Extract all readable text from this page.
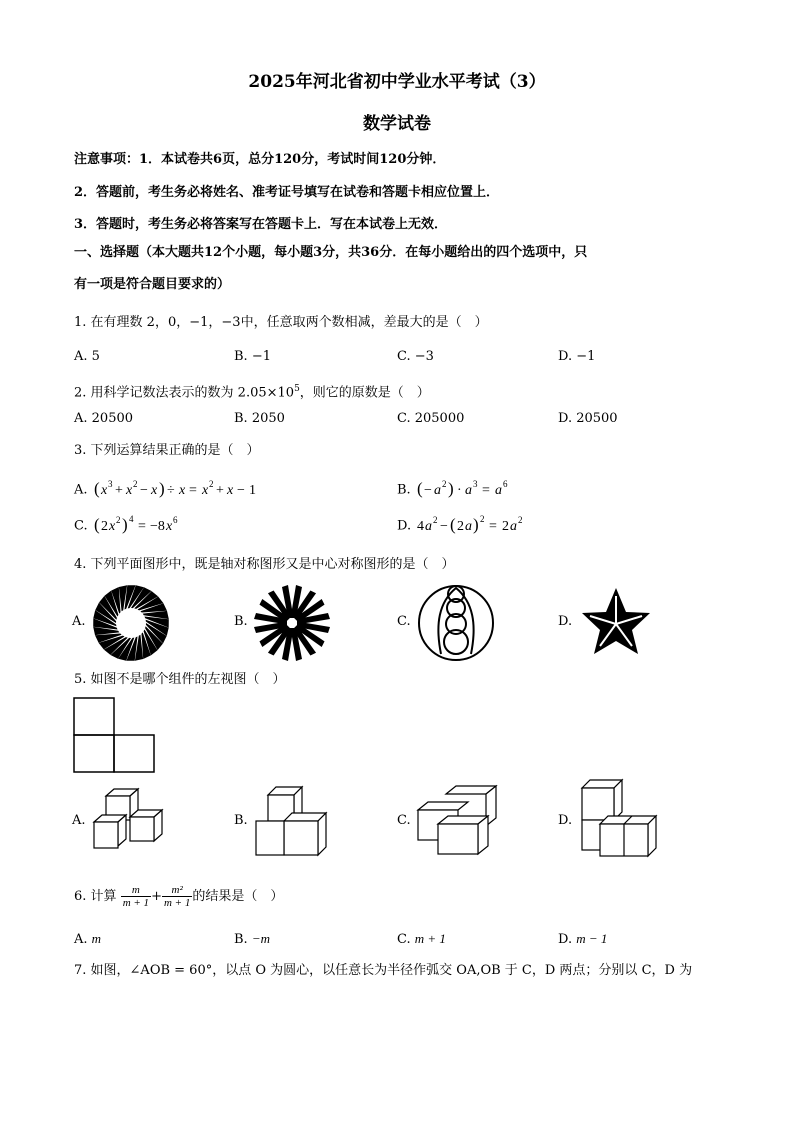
2025年河北省初中学业水平考试（3）
数学试卷
注意事项：1．本试卷共6页，总分120分，考试时间120分钟．
2．答题前，考生务必将姓名、准考证号填写在试卷和答题卡相应位置上．
3．答题时，考生务必将答案写在答题卡上．写在本试卷上无效．
一、选择题（本大题共12个小题，每小题3分，共36分．在每小题给出的四个选项中，只
有一项是符合题目要求的）
1. 在有理数 2，0，−1，−3中，任意取两个数相减，差最大的是（　）
A. 5	B. −1	C. −3	D. −1
2. 用科学记数法表示的数为 $2.05\times 10^5$，则它的原数是（　）
A. 20500	B. 2050	C. 205000	D. 20500
3. 下列运算结果正确的是（　）
A. ( x 3 + x 2 − x ) ÷ x = x 2 + x − 1	B. ( − a 2 ) · a 3 = a 6
C. ( 2 x 2 ) 4 = −8 x 6	D. 4 a 2 − ( 2 a ) 2 = 2 a 2
4. 下列平面图形中，既是轴对称图形又是中心对称图形的是（　）
A.	B.	C.	D.
5. 如图不是哪个组件的左视图（　）
A.	B.	C.	D.
6. 计算 $\frac{m}{m + 1} + \frac{\text{m²}}{m + 1}$ 的结果是（　）
A. m	B. −m	C. m + 1	D. m − 1
7. 如图，∠AOB = 60°，以点 O 为圆心，以任意长为半径作弧交 OA,OB 于 C，D 两点；分别以 C，D 为
